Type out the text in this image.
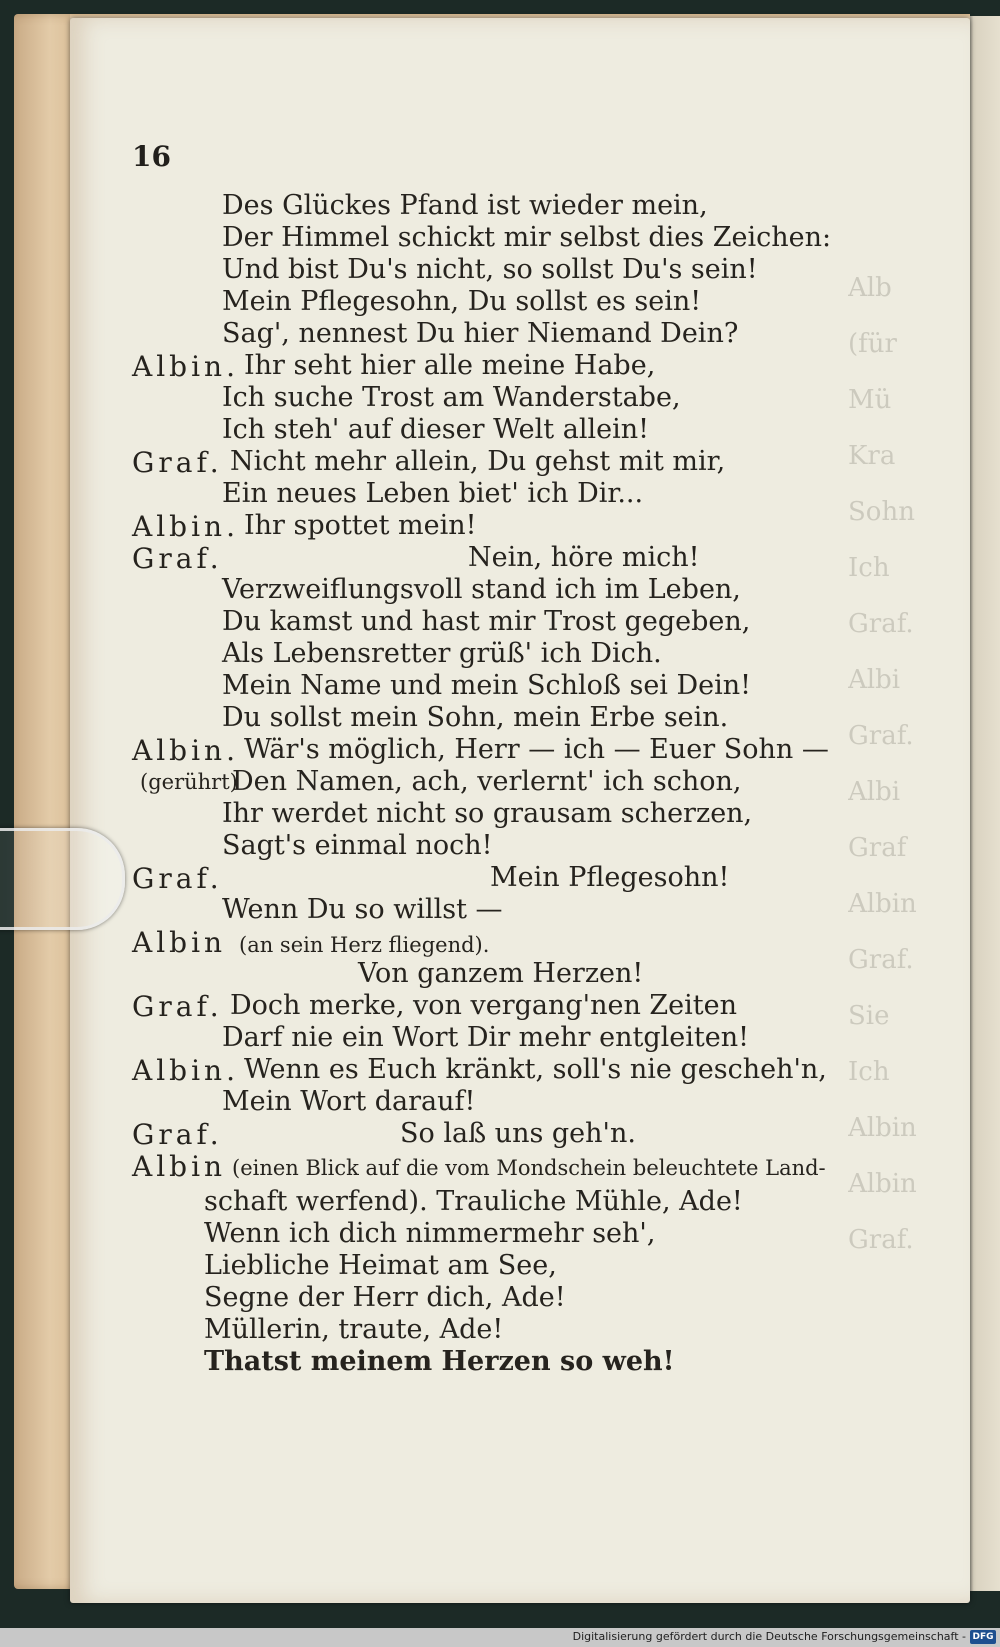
Alb
(für
Mü
Kra
Sohn
Ich
Graf.
Albi
Graf.
Albi
Graf
Albin
Graf.
Sie
Ich
Albin
Albin
Graf.
16
Des Glückes Pfand ist wieder mein,
Der Himmel schickt mir selbst dies Zeichen:
Und bist Du's nicht, so sollst Du's sein!
Mein Pflegesohn, Du sollst es sein!
Sag', nennest Du hier Niemand Dein?
Albin. Ihr seht hier alle meine Habe,
Ich suche Trost am Wanderstabe,
Ich steh' auf dieser Welt allein!
Graf. Nicht mehr allein, Du gehst mit mir,
Ein neues Leben biet' ich Dir...
Albin. Ihr spottet mein!
Graf.	Nein, höre mich!
Verzweiflungsvoll stand ich im Leben,
Du kamst und hast mir Trost gegeben,
Als Lebensretter grüß' ich Dich.
Mein Name und mein Schloß sei Dein!
Du sollst mein Sohn, mein Erbe sein.
Albin. Wär's möglich, Herr — ich — Euer Sohn —
(gerührt)
Den Namen, ach, verlernt' ich schon,
Ihr werdet nicht so grausam scherzen,
Sagt's einmal noch!
Graf.	Mein Pflegesohn!
Wenn Du so willst —
Albin (an sein Herz fliegend).
Von ganzem Herzen!
Graf. Doch merke, von vergang'nen Zeiten
Darf nie ein Wort Dir mehr entgleiten!
Albin. Wenn es Euch kränkt, soll's nie gescheh'n,
Mein Wort darauf!
Graf.	So laß uns geh'n.
Albin (einen Blick auf die vom Mondschein beleuchtete Land-
schaft werfend). Trauliche Mühle, Ade!
Wenn ich dich nimmermehr seh',
Liebliche Heimat am See,
Segne der Herr dich, Ade!
Müllerin, traute, Ade!
Thatst meinem Herzen so weh!
Digitalisierung gefördert durch die Deutsche Forschungsgemeinschaft - DFG
